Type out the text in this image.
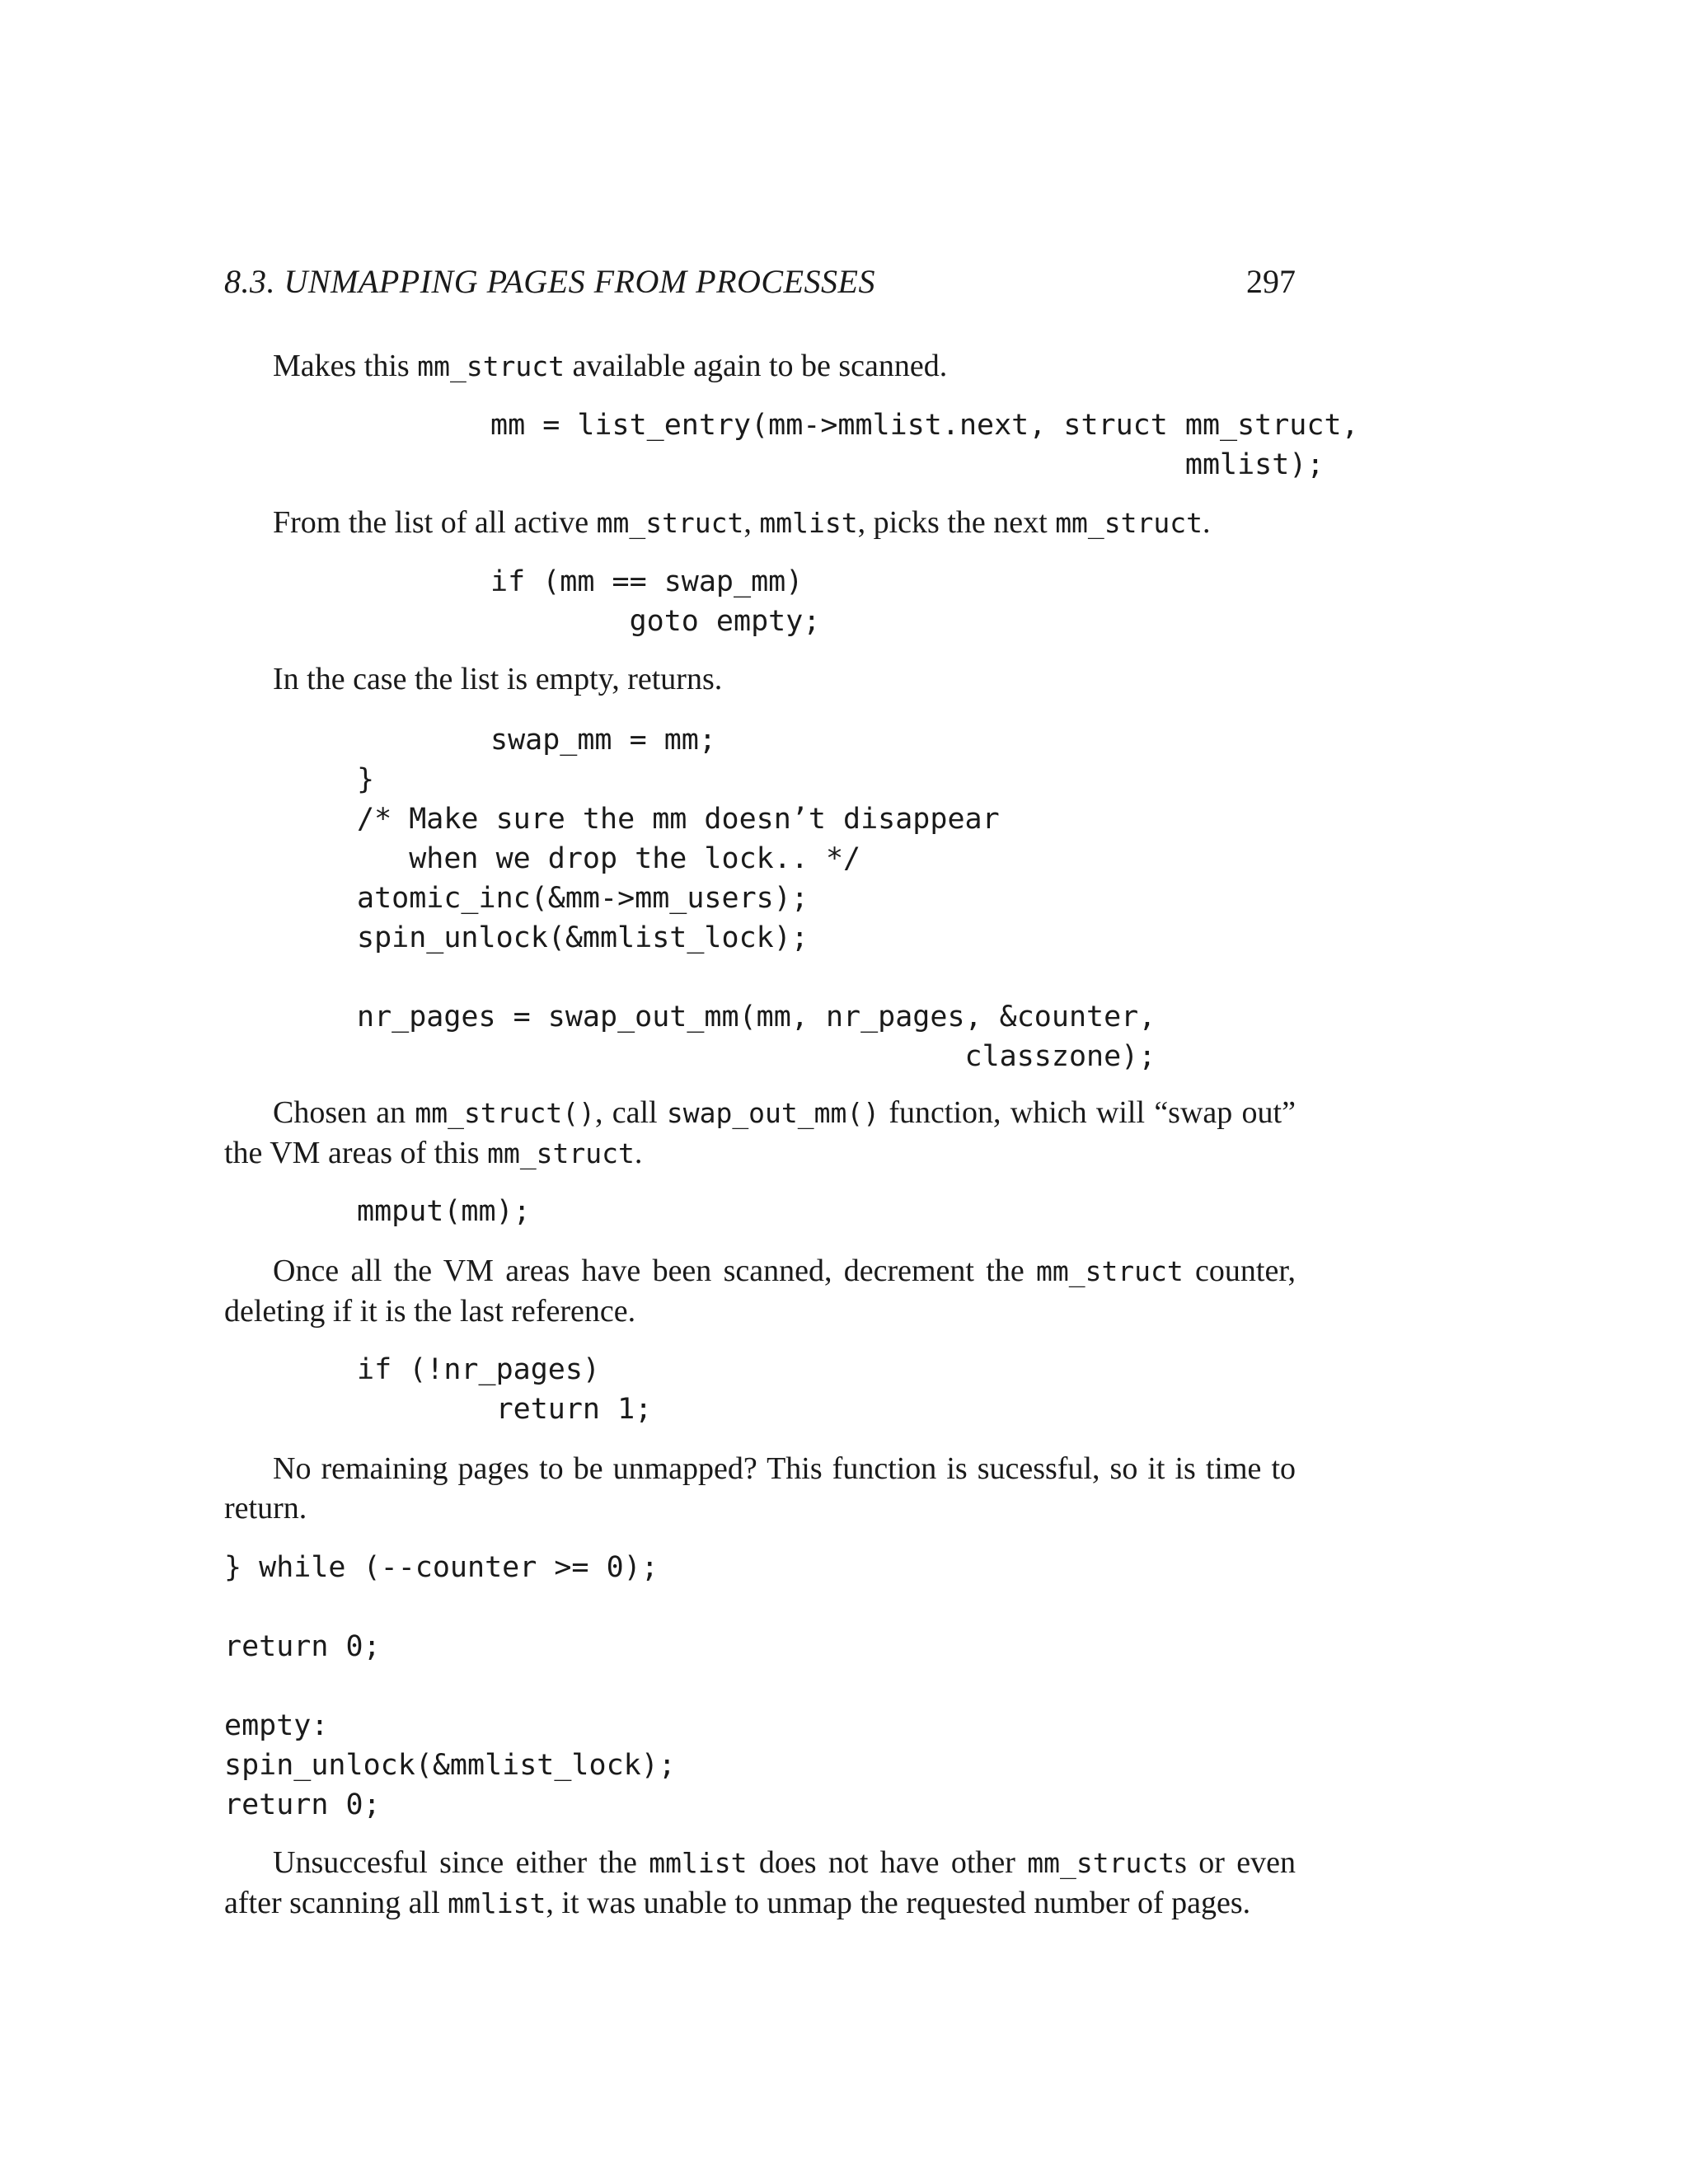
8.3. UNMAPPING PAGES FROM PROCESSES	297
Makes this mm_struct available again to be scanned.
mm = list_entry(mm->mmlist.next, struct mm_struct,
mmlist);
From the list of all active mm_struct, mmlist, picks the next mm_struct.
if (mm == swap_mm)
goto empty;
In the case the list is empty, returns.
swap_mm = mm;
}
/* Make sure the mm doesn’t disappear
when we drop the lock.. */
atomic_inc(&mm->mm_users);
spin_unlock(&mmlist_lock);

nr_pages = swap_out_mm(mm, nr_pages, &counter,
classzone);
Chosen an mm_struct(), call swap_out_mm() function, which will “swap out” the VM areas of this mm_struct.
mmput(mm);
Once all the VM areas have been scanned, decrement the mm_struct counter, deleting if it is the last reference.
if (!nr_pages)
return 1;
No remaining pages to be unmapped? This function is sucessful, so it is time to return.
} while (--counter >= 0);

return 0;

empty:
spin_unlock(&mmlist_lock);
return 0;
Unsuccesful since either the mmlist does not have other mm_structs or even after scanning all mmlist, it was unable to unmap the requested number of pages.
